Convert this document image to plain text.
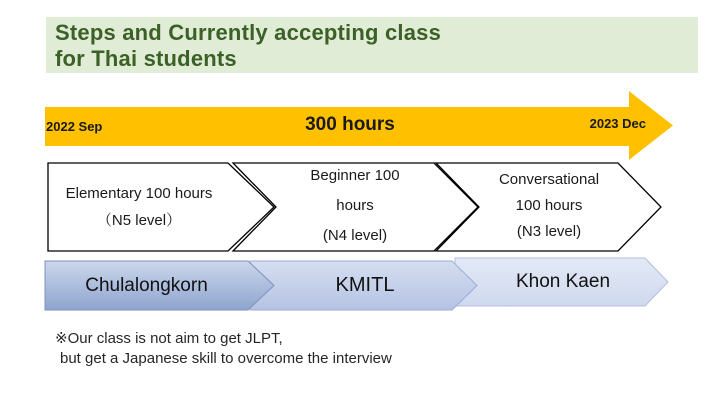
Steps and Currently accepting class
for Thai students
2022 Sep	300 hours	2023 Dec
Elementary 100 hours
（N5 level）
Beginner 100
hours
(N4 level)
Conversational
100 hours
(N3 level)
Chulalongkorn	KMITL	Khon Kaen
※Our class is not aim to get JLPT,
but get a Japanese skill to overcome the interview
